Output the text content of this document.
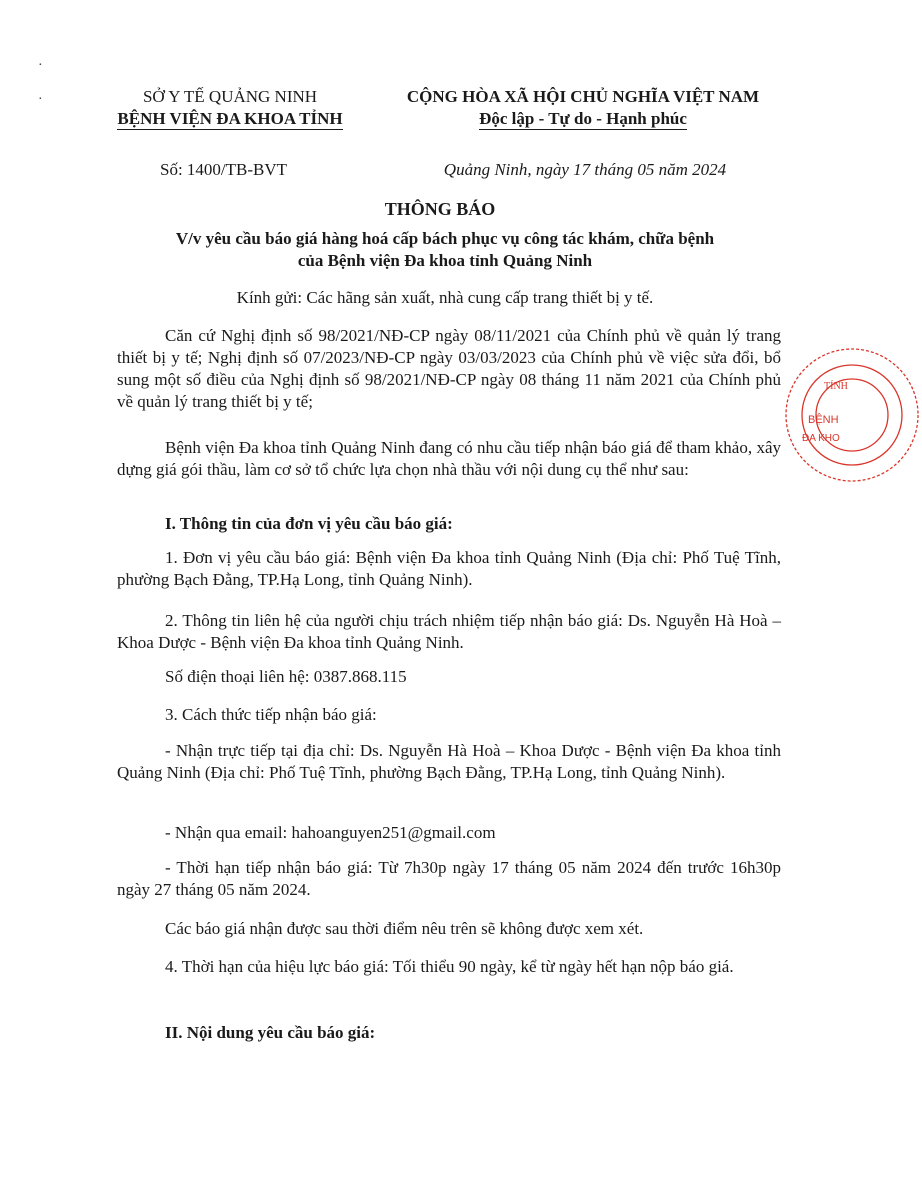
·
·	SỞ Y TẾ QUẢNG NINH
BỆNH VIỆN ĐA KHOA TỈNH
CỘNG HÒA XÃ HỘI CHỦ NGHĨA VIỆT NAM
Độc lập - Tự do - Hạnh phúc
Số: 1400/TB-BVT	Quảng Ninh, ngày 17 tháng 05 năm 2024
THÔNG BÁO
V/v yêu cầu báo giá hàng hoá cấp bách phục vụ công tác khám, chữa bệnh
của Bệnh viện Đa khoa tỉnh Quảng Ninh
Kính gửi: Các hãng sản xuất, nhà cung cấp trang thiết bị y tế.
Căn cứ Nghị định số 98/2021/NĐ-CP ngày 08/11/2021 của Chính phủ về quản lý trang thiết bị y tế; Nghị định số 07/2023/NĐ-CP ngày 03/03/2023 của Chính phủ về việc sửa đổi, bổ sung một số điều của Nghị định số 98/2021/NĐ-CP ngày 08 tháng 11 năm 2021 của Chính phủ về quản lý trang thiết bị y tế;
Bệnh viện Đa khoa tỉnh Quảng Ninh đang có nhu cầu tiếp nhận báo giá để tham khảo, xây dựng giá gói thầu, làm cơ sở tổ chức lựa chọn nhà thầu với nội dung cụ thể như sau:
I. Thông tin của đơn vị yêu cầu báo giá:
1. Đơn vị yêu cầu báo giá: Bệnh viện Đa khoa tỉnh Quảng Ninh (Địa chỉ: Phố Tuệ Tĩnh, phường Bạch Đằng, TP.Hạ Long, tỉnh Quảng Ninh).
2. Thông tin liên hệ của người chịu trách nhiệm tiếp nhận báo giá: Ds. Nguyễn Hà Hoà – Khoa Dược - Bệnh viện Đa khoa tỉnh Quảng Ninh.
Số điện thoại liên hệ: 0387.868.115
3. Cách thức tiếp nhận báo giá:
- Nhận trực tiếp tại địa chỉ: Ds. Nguyễn Hà Hoà – Khoa Dược - Bệnh viện Đa khoa tỉnh Quảng Ninh (Địa chỉ: Phố Tuệ Tĩnh, phường Bạch Đằng, TP.Hạ Long, tỉnh Quảng Ninh).
- Nhận qua email: hahoanguyen251@gmail.com
- Thời hạn tiếp nhận báo giá: Từ 7h30p ngày 17 tháng 05 năm 2024 đến trước 16h30p ngày 27 tháng 05 năm 2024.
Các báo giá nhận được sau thời điểm nêu trên sẽ không được xem xét.
4. Thời hạn của hiệu lực báo giá: Tối thiểu 90 ngày, kể từ ngày hết hạn nộp báo giá.
II. Nội dung yêu cầu báo giá:
TỈNH
BỆNH
ĐA KHO
